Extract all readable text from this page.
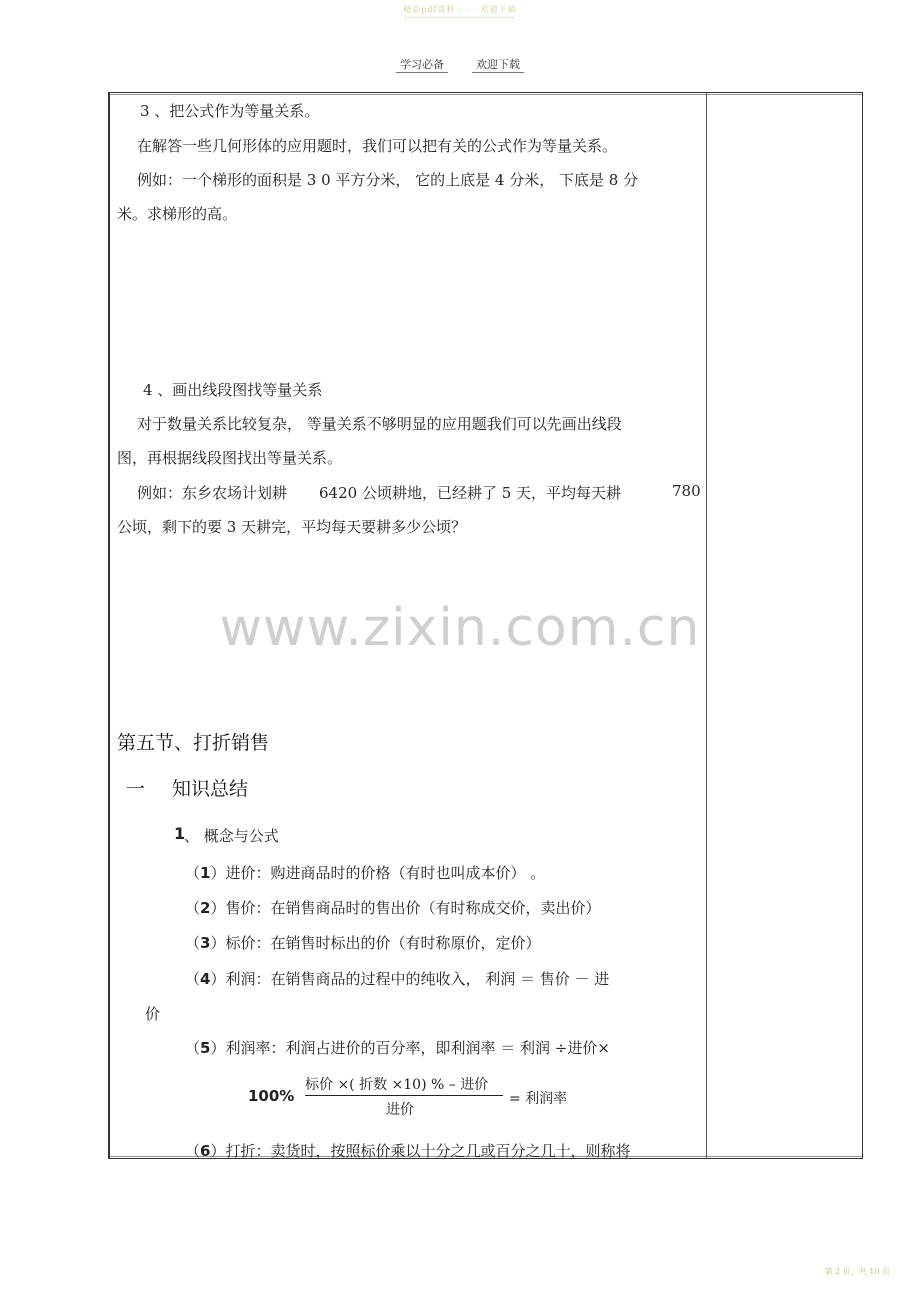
精品pdf资料 - - - 欢迎下载
学习必备	欢迎下载
3 、把公式作为等量关系。
在解答一些几何形体的应用题时，我们可以把有关的公式作为等量关系。
例如：一个梯形的面积是 3 0 平方分米， 它的上底是 4 分米， 下底是 8 分
米。求梯形的高。
4 、画出线段图找等量关系
对于数量关系比较复杂， 等量关系不够明显的应用题我们可以先画出线段
图，再根据线段图找出等量关系。
例如：东乡农场计划耕 6420 公顷耕地，已经耕了 5 天，平均每天耕	780
公顷，剩下的要 3 天耕完，平均每天要耕多少公顷？
www.zixin.com.cn
第五节、打折销售
一 知识总结
1
、 概念与公式
（1）进价：购进商品时的价格（有时也叫成本价） 。
（2）售价：在销售商品时的售出价（有时称成交价，卖出价）
（3）标价：在销售时标出的价（有时称原价，定价）
（4）利润：在销售商品的过程中的纯收入， 利润 ＝ 售价 － 进
价
（5）利润率：利润占进价的百分率，即利润率 ＝ 利润 ÷进价×
100%
标价 ×( 折数 ×10) % – 进价
进价
= 利润率
（6）打折：卖货时，按照标价乘以十分之几或百分之几十，则称将
第 2 页，共 10 页
